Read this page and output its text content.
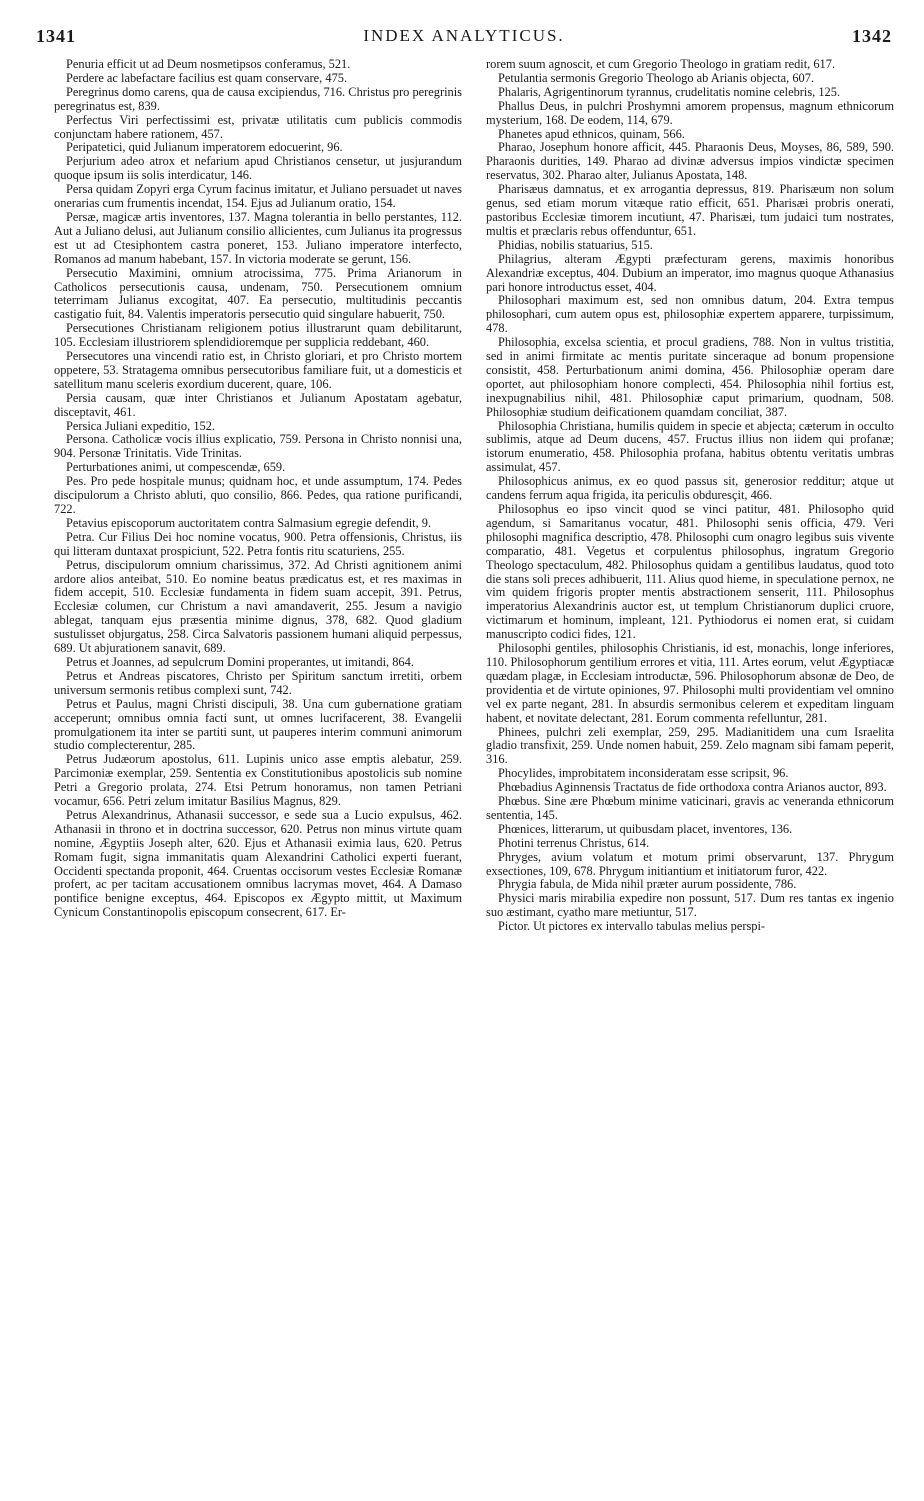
1341	INDEX ANALYTICUS.	1342

Penuria efficit ut ad Deum nosmetipsos conferamus, 521.

Perdere ac labefactare facilius est quam conservare, 475.

Peregrinus domo carens, qua de causa excipiendus, 716. Christus pro peregrinis peregrinatus est, 839.

Perfectus Viri perfectissimi est, privatæ utilitatis cum publicis commodis conjunctam habere rationem, 457.

Peripatetici, quid Julianum imperatorem edocuerint, 96.

Perjurium adeo atrox et nefarium apud Christianos censetur, ut jusjurandum quoque ipsum iis solis interdicatur, 146.

Persa quidam Zopyri erga Cyrum facinus imitatur, et Juliano persuadet ut naves onerarias cum frumentis incendat, 154. Ejus ad Julianum oratio, 154.

Persæ, magicæ artis inventores, 137. Magna tolerantia in bello perstantes, 112. Aut a Juliano delusi, aut Julianum consilio allicientes, cum Julianus ita progressus est ut ad Ctesiphontem castra poneret, 153. Juliano imperatore interfecto, Romanos ad manum habebant, 157. In victoria moderate se gerunt, 156.

Persecutio Maximini, omnium atrocissima, 775. Prima Arianorum in Catholicos persecutionis causa, undenam, 750. Persecutionem omnium teterrimam Julianus excogitat, 407. Ea persecutio, multitudinis peccantis castigatio fuit, 84. Valentis imperatoris persecutio quid singulare habuerit, 750.

Persecutiones Christianam religionem potius illustrarunt quam debilitarunt, 105. Ecclesiam illustriorem splendidioremque per supplicia reddebant, 460.

Persecutores una vincendi ratio est, in Christo gloriari, et pro Christo mortem oppetere, 53. Stratagema omnibus persecutoribus familiare fuit, ut a domesticis et satellitum manu sceleris exordium ducerent, quare, 106.

Persia causam, quæ inter Christianos et Julianum Apostatam agebatur, disceptavit, 461.

Persica Juliani expeditio, 152.

Persona. Catholicæ vocis illius explicatio, 759. Persona in Christo nonnisi una, 904. Personæ Trinitatis. Vide Trinitas.

Perturbationes animi, ut compescendæ, 659.

Pes. Pro pede hospitale munus; quidnam hoc, et unde assumptum, 174. Pedes discipulorum a Christo abluti, quo consilio, 866. Pedes, qua ratione purificandi, 722.

Petavius episcoporum auctoritatem contra Salmasium egregie defendit, 9.

Petra. Cur Filius Dei hoc nomine vocatus, 900. Petra offensionis, Christus, iis qui litteram duntaxat prospiciunt, 522. Petra fontis ritu scaturiens, 255.

Petrus, discipulorum omnium charissimus, 372. Ad Christi agnitionem animi ardore alios anteibat, 510. Eo nomine beatus prædicatus est, et res maximas in fidem accepit, 510. Ecclesiæ fundamenta in fidem suam accepit, 391. Petrus, Ecclesiæ columen, cur Christum a navi amandaverit, 255. Jesum a navigio ablegat, tanquam ejus præsentia minime dignus, 378, 682. Quod gladium sustulisset objurgatus, 258. Circa Salvatoris passionem humani aliquid perpessus, 689. Ut abjurationem sanavit, 689.

Petrus et Joannes, ad sepulcrum Domini properantes, ut imitandi, 864.

Petrus et Andreas piscatores, Christo per Spiritum sanctum irretiti, orbem universum sermonis retibus complexi sunt, 742.

Petrus et Paulus, magni Christi discipuli, 38. Una cum gubernatione gratiam acceperunt; omnibus omnia facti sunt, ut omnes lucrifacerent, 38. Evangelii promulgationem ita inter se partiti sunt, ut pauperes interim communi animorum studio complecterentur, 285.

Petrus Judæorum apostolus, 611. Lupinis unico asse emptis alebatur, 259. Parcimoniæ exemplar, 259. Sententia ex Constitutionibus apostolicis sub nomine Petri a Gregorio prolata, 274. Etsi Petrum honoramus, non tamen Petriani vocamur, 656. Petri zelum imitatur Basilius Magnus, 829.

Petrus Alexandrinus, Athanasii successor, e sede sua a Lucio expulsus, 462. Athanasii in throno et in doctrina successor, 620. Petrus non minus virtute quam nomine, Ægyptiis Joseph alter, 620. Ejus et Athanasii eximia laus, 620. Petrus Romam fugit, signa immanitatis quam Alexandrini Catholici experti fuerant, Occidenti spectanda proponit, 464. Cruentas occisorum vestes Ecclesiæ Romanæ profert, ac per tacitam accusationem omnibus lacrymas movet, 464. A Damaso pontifice benigne exceptus, 464. Episcopos ex Ægypto mittit, ut Maximum Cynicum Constantinopolis episcopum consecrent, 617. Er-

rorem suum agnoscit, et cum Gregorio Theologo in gratiam redit, 617.

Petulantia sermonis Gregorio Theologo ab Arianis objecta, 607.

Phalaris, Agrigentinorum tyrannus, crudelitatis nomine celebris, 125.

Phallus Deus, in pulchri Proshymni amorem propensus, magnum ethnicorum mysterium, 168. De eodem, 114, 679.

Phanetes apud ethnicos, quinam, 566.

Pharao, Josephum honore afficit, 445. Pharaonis Deus, Moyses, 86, 589, 590. Pharaonis durities, 149. Pharao ad divinæ adversus impios vindictæ specimen reservatus, 302. Pharao alter, Julianus Apostata, 148.

Pharisæus damnatus, et ex arrogantia depressus, 819. Pharisæum non solum genus, sed etiam morum vitæque ratio efficit, 651. Pharisæi probris onerati, pastoribus Ecclesiæ timorem incutiunt, 47. Pharisæi, tum judaici tum nostrates, multis et præclaris rebus offenduntur, 651.

Phidias, nobilis statuarius, 515.

Philagrius, alteram Ægypti præfecturam gerens, maximis honoribus Alexandriæ exceptus, 404. Dubium an imperator, imo magnus quoque Athanasius pari honore introductus esset, 404.

Philosophari maximum est, sed non omnibus datum, 204. Extra tempus philosophari, cum autem opus est, philosophiæ expertem apparere, turpissimum, 478.

Philosophia, excelsa scientia, et procul gradiens, 788. Non in vultus tristitia, sed in animi firmitate ac mentis puritate sinceraque ad bonum propensione consistit, 458. Perturbationum animi domina, 456. Philosophiæ operam dare oportet, aut philosophiam honore complecti, 454. Philosophia nihil fortius est, inexpugnabilius nihil, 481. Philosophiæ caput primarium, quodnam, 508. Philosophiæ studium deificationem quamdam conciliat, 387.

Philosophia Christiana, humilis quidem in specie et abjecta; cæterum in occulto sublimis, atque ad Deum ducens, 457. Fructus illius non iidem qui profanæ; istorum enumeratio, 458. Philosophia profana, habitus obtentu veritatis umbras assimulat, 457.

Philosophicus animus, ex eo quod passus sit, generosior redditur; atque ut candens ferrum aqua frigida, ita periculis obduresçit, 466.

Philosophus eo ipso vincit quod se vinci patitur, 481. Philosopho quid agendum, si Samaritanus vocatur, 481. Philosophi senis officia, 479. Veri philosophi magnifica descriptio, 478. Philosophi cum onagro legibus suis vivente comparatio, 481. Vegetus et corpulentus philosophus, ingratum Gregorio Theologo spectaculum, 482. Philosophus quidam a gentilibus laudatus, quod toto die stans soli preces adhibuerit, 111. Alius quod hieme, in speculatione pernox, ne vim quidem frigoris propter mentis abstractionem senserit, 111. Philosophus imperatorius Alexandrinis auctor est, ut templum Christianorum duplici cruore, victimarum et hominum, impleant, 121. Pythiodorus ei nomen erat, si cuidam manuscripto codici fides, 121.

Philosophi gentiles, philosophis Christianis, id est, monachis, longe inferiores, 110. Philosophorum gentilium errores et vitia, 111. Artes eorum, velut Ægyptiacæ quædam plagæ, in Ecclesiam introductæ, 596. Philosophorum absonæ de Deo, de providentia et de virtute opiniones, 97. Philosophi multi providentiam vel omnino vel ex parte negant, 281. In absurdis sermonibus celerem et expeditam linguam habent, et novitate delectant, 281. Eorum commenta refelluntur, 281.

Phinees, pulchri zeli exemplar, 259, 295. Madianitidem una cum Israelita gladio transfixit, 259. Unde nomen habuit, 259. Zelo magnam sibi famam peperit, 316.

Phocylides, improbitatem inconsideratam esse scripsit, 96.

Phœbadius Aginnensis Tractatus de fide orthodoxa contra Arianos auctor, 893.

Phœbus. Sine ære Phœbum minime vaticinari, gravis ac veneranda ethnicorum sententia, 145.

Phœnices, litterarum, ut quibusdam placet, inventores, 136.

Photini terrenus Christus, 614.

Phryges, avium volatum et motum primi observarunt, 137. Phrygum exsectiones, 109, 678. Phrygum initiantium et initiatorum furor, 422.

Phrygia fabula, de Mida nihil præter aurum possidente, 786.

Physici maris mirabilia expedire non possunt, 517. Dum res tantas ex ingenio suo æstimant, cyatho mare metiuntur, 517.

Pictor. Ut pictores ex intervallo tabulas melius perspi-
